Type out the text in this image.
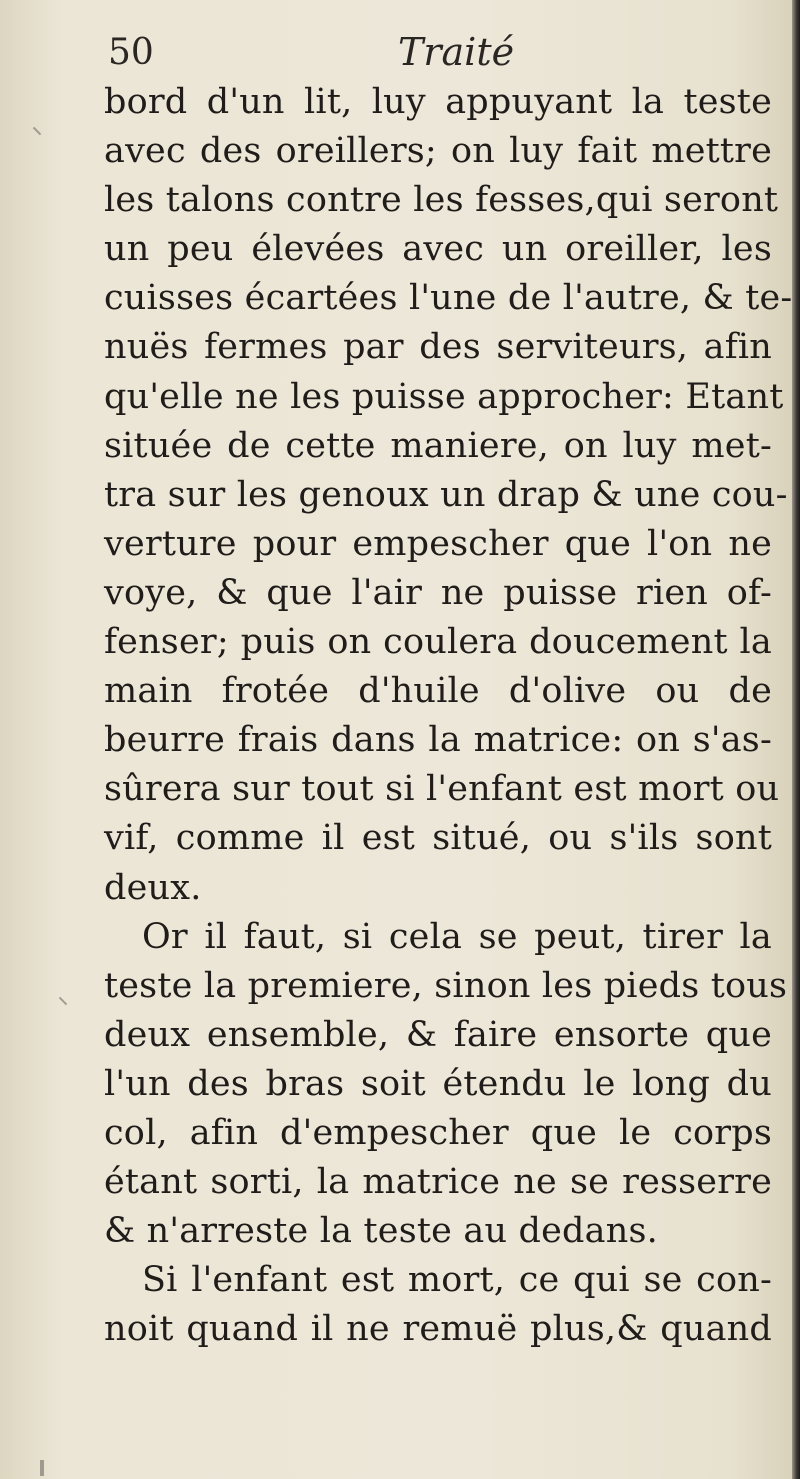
50	Traité
bord d'un lit, luy appuyant la teste
avec des oreillers; on luy fait mettre
les talons contre les fesses,qui seront
un peu élevées avec un oreiller, les
cuisses écartées l'une de l'autre, & te-
nuës fermes par des serviteurs, afin
qu'elle ne les puisse approcher: Etant
située de cette maniere, on luy met-
tra sur les genoux un drap & une cou-
verture pour empescher que l'on ne
voye, & que l'air ne puisse rien of-
fenser; puis on coulera doucement la
main frotée d'huile d'olive ou de
beurre frais dans la matrice: on s'as-
sûrera sur tout si l'enfant est mort ou
vif, comme il est situé, ou s'ils sont
deux.
Or il faut, si cela se peut, tirer la
teste la premiere, sinon les pieds tous
deux ensemble, & faire ensorte que
l'un des bras soit étendu le long du
col, afin d'empescher que le corps
étant sorti, la matrice ne se resserre
& n'arreste la teste au dedans.
Si l'enfant est mort, ce qui se con-
noit quand il ne remuë plus,& quand
